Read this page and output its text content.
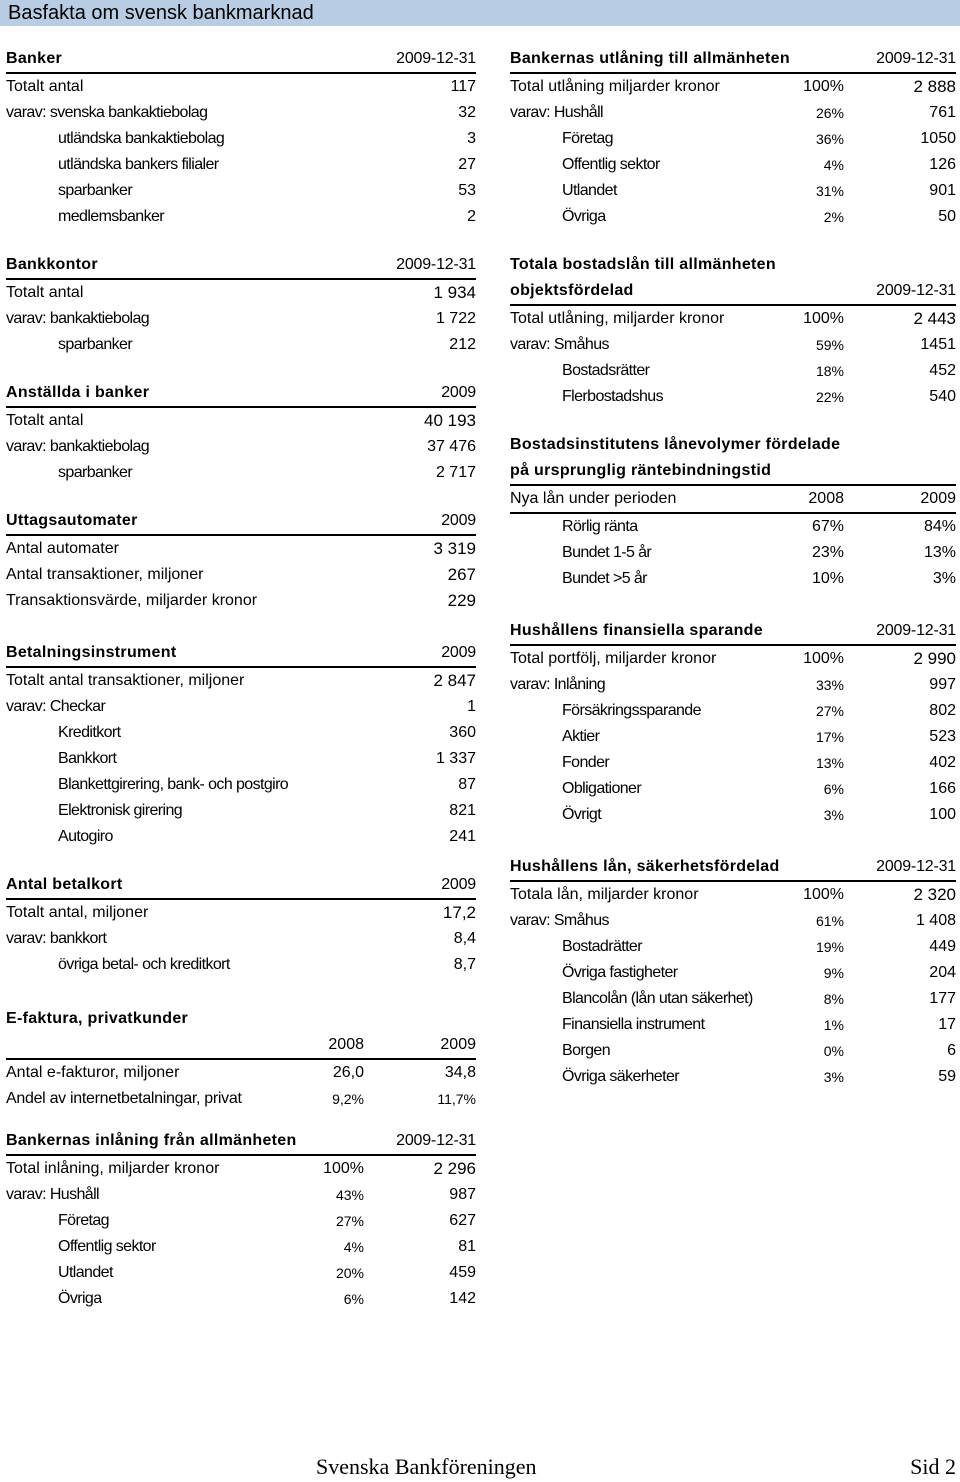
Basfakta om svensk bankmarknad
Banker	2009-12-31
Totalt antal	117
varav: svenska bankaktiebolag	32
utländska bankaktiebolag	3
utländska bankers filialer	27
sparbanker	53
medlemsbanker	2
Bankkontor	2009-12-31
Totalt antal	1 934
varav: bankaktiebolag	1 722
sparbanker	212
Anställda i banker	2009
Totalt antal	40 193
varav: bankaktiebolag	37 476
sparbanker	2 717
Uttagsautomater	2009
Antal automater	3 319
Antal transaktioner, miljoner	267
Transaktionsvärde, miljarder kronor	229
Betalningsinstrument	2009
Totalt antal transaktioner, miljoner	2 847
varav: Checkar	1
Kreditkort	360
Bankkort	1 337
Blankettgirering, bank- och postgiro	87
Elektronisk girering	821
Autogiro	241
Antal betalkort	2009
Totalt antal, miljoner	17,2
varav: bankkort	8,4
övriga betal- och kreditkort	8,7
E-faktura, privatkunder
2008	2009
Antal e-fakturor, miljoner	26,0	34,8
Andel av internetbetalningar, privat	9,2%	11,7%
Bankernas utlåning till allmänheten	2009-12-31
Total utlåning miljarder kronor	100%	2 888
varav: Hushåll	26%	761
Företag	36%	1050
Offentlig sektor	4%	126
Utlandet	31%	901
Övriga	2%	50
Totala bostadslån till allmänheten
objektsfördelad	2009-12-31
Total utlåning, miljarder kronor	100%	2 443
varav: Småhus	59%	1451
Bostadsrätter	18%	452
Flerbostadshus	22%	540
Bostadsinstitutens lånevolymer fördelade
på ursprunglig räntebindningstid
Nya lån under perioden	2008	2009
Rörlig ränta	67%	84%
Bundet 1-5 år	23%	13%
Bundet >5 år	10%	3%
Hushållens finansiella sparande	2009-12-31
Total portfölj, miljarder kronor	100%	2 990
varav: Inlåning	33%	997
Försäkringssparande	27%	802
Aktier	17%	523
Fonder	13%	402
Obligationer	6%	166
Övrigt	3%	100
Hushållens lån, säkerhetsfördelad	2009-12-31
Totala lån, miljarder kronor	100%	2 320
varav: Småhus	61%	1 408
Bostadrätter	19%	449
Övriga fastigheter	9%	204
Blancolån (lån utan säkerhet)	8%	177
Finansiella instrument	1%	17
Borgen	0%	6
Övriga säkerheter	3%	59
Bankernas inlåning från allmänheten	2009-12-31
Total inlåning, miljarder kronor	100%	2 296
varav: Hushåll	43%	987
Företag	27%	627
Offentlig sektor	4%	81
Utlandet	20%	459
Övriga	6%	142
Svenska Bankföreningen	Sid 2
